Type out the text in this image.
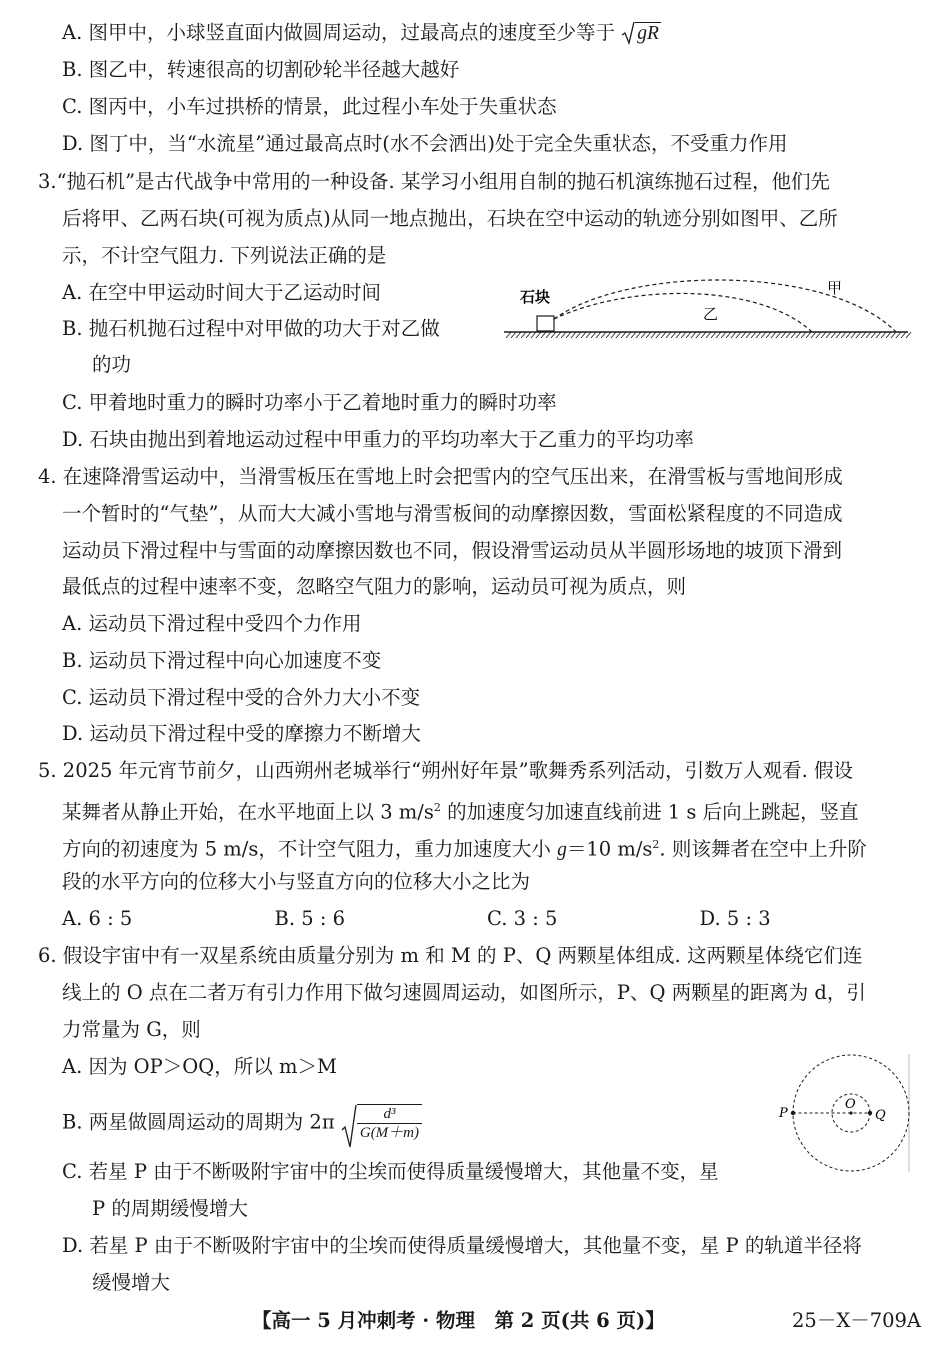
A. 图甲中，小球竖直面内做圆周运动，过最高点的速度至少等于 gR
B. 图乙中，转速很高的切割砂轮半径越大越好
C. 图丙中，小车过拱桥的情景，此过程小车处于失重状态
D. 图丁中，当“水流星”通过最高点时(水不会洒出)处于完全失重状态，不受重力作用
3.“抛石机”是古代战争中常用的一种设备. 某学习小组用自制的抛石机演练抛石过程，他们先
后将甲、乙两石块(可视为质点)从同一地点抛出，石块在空中运动的轨迹分别如图甲、乙所
示，不计空气阻力. 下列说法正确的是
A. 在空中甲运动时间大于乙运动时间
B. 抛石机抛石过程中对甲做的功大于对乙做
的功
C. 甲着地时重力的瞬时功率小于乙着地时重力的瞬时功率
D. 石块由抛出到着地运动过程中甲重力的平均功率大于乙重力的平均功率
石块	甲
乙
4. 在速降滑雪运动中，当滑雪板压在雪地上时会把雪内的空气压出来，在滑雪板与雪地间形成
一个暂时的“气垫”，从而大大减小雪地与滑雪板间的动摩擦因数，雪面松紧程度的不同造成
运动员下滑过程中与雪面的动摩擦因数也不同，假设滑雪运动员从半圆形场地的坡顶下滑到
最低点的过程中速率不变，忽略空气阻力的影响，运动员可视为质点，则
A. 运动员下滑过程中受四个力作用
B. 运动员下滑过程中向心加速度不变
C. 运动员下滑过程中受的合外力大小不变
D. 运动员下滑过程中受的摩擦力不断增大
5. 2025 年元宵节前夕，山西朔州老城举行“朔州好年景”歌舞秀系列活动，引数万人观看. 假设
某舞者从静止开始，在水平地面上以 3 $m/s^2$ 的加速度匀加速直线前进 1 s 后向上跳起，竖直
方向的初速度为 5 m/s，不计空气阻力，重力加速度大小 g＝10 $m/s^2$. 则该舞者在空中上升阶
段的水平方向的位移大小与竖直方向的位移大小之比为
A. 6 : 5	B. 5 : 6	C. 3 : 5	D. 5 : 3
6. 假设宇宙中有一双星系统由质量分别为 m 和 M 的 P、Q 两颗星体组成. 这两颗星体绕它们连
线上的 O 点在二者万有引力作用下做匀速圆周运动，如图所示，P、Q 两颗星的距离为 d，引
力常量为 G，则
A. 因为 OP＞OQ，所以 m＞M
B. 两星做圆周运动的周期为 $2\pi \frac{\text{d³}}{G(M+m)}$
C. 若星 P 由于不断吸附宇宙中的尘埃而使得质量缓慢增大，其他量不变，星
P 的周期缓慢增大
D. 若星 P 由于不断吸附宇宙中的尘埃而使得质量缓慢增大，其他量不变，星 P 的轨道半径将
缓慢增大
P
O
Q
【高一 5 月冲刺考 · 物理　第 2 页(共 6 页)】	25－X－709A
